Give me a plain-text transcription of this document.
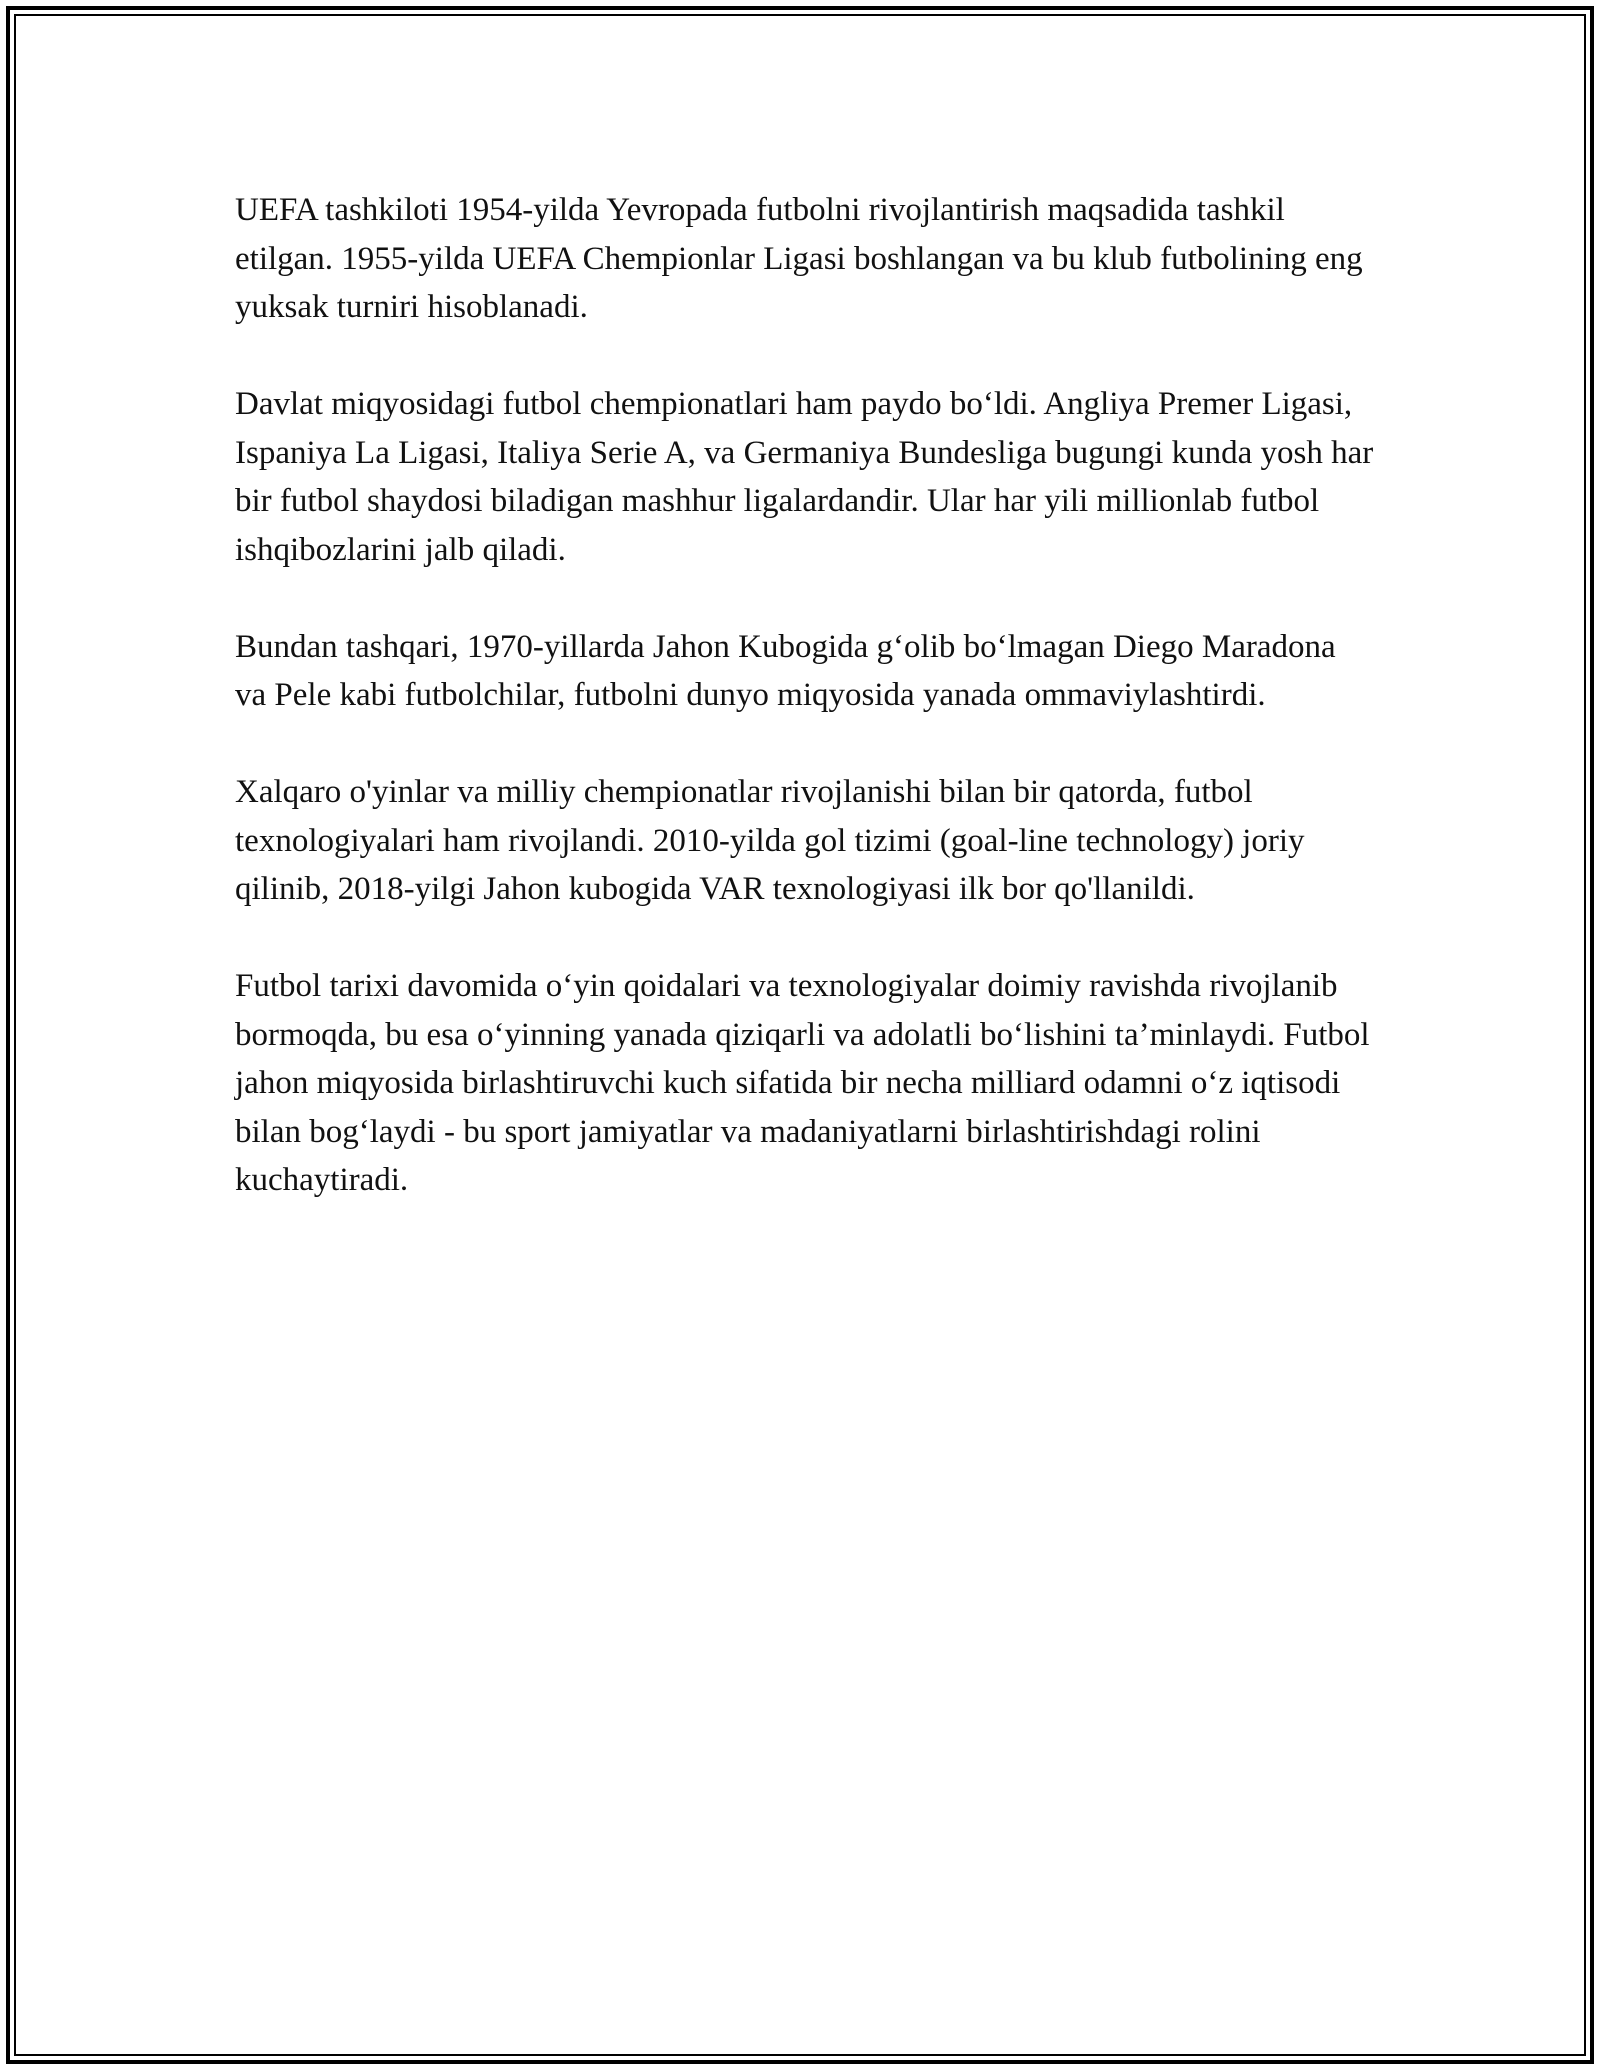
UEFA tashkiloti 1954-yilda Yevropada futbolni rivojlantirish maqsadida tashkil etilgan. 1955-yilda UEFA Chempionlar Ligasi boshlangan va bu klub futbolining eng yuksak turniri hisoblanadi.

Davlat miqyosidagi futbol chempionatlari ham paydo bo‘ldi. Angliya Premer Ligasi, Ispaniya La Ligasi, Italiya Serie A, va Germaniya Bundesliga bugungi kunda yosh har bir futbol shaydosi biladigan mashhur ligalardandir. Ular har yili millionlab futbol ishqibozlarini jalb qiladi.

Bundan tashqari, 1970-yillarda Jahon Kubogida g‘olib bo‘lmagan Diego Maradona va Pele kabi futbolchilar, futbolni dunyo miqyosida yanada ommaviylashtirdi.

Xalqaro o'yinlar va milliy chempionatlar rivojlanishi bilan bir qatorda, futbol texnologiyalari ham rivojlandi. 2010-yilda gol tizimi (goal-line technology) joriy qilinib, 2018-yilgi Jahon kubogida VAR texnologiyasi ilk bor qo'llanildi.

Futbol tarixi davomida o‘yin qoidalari va texnologiyalar doimiy ravishda rivojlanib bormoqda, bu esa o‘yinning yanada qiziqarli va adolatli bo‘lishini ta’minlaydi. Futbol jahon miqyosida birlashtiruvchi kuch sifatida bir necha milliard odamni o‘z iqtisodi bilan bog‘laydi - bu sport jamiyatlar va madaniyatlarni birlashtirishdagi rolini kuchaytiradi.
